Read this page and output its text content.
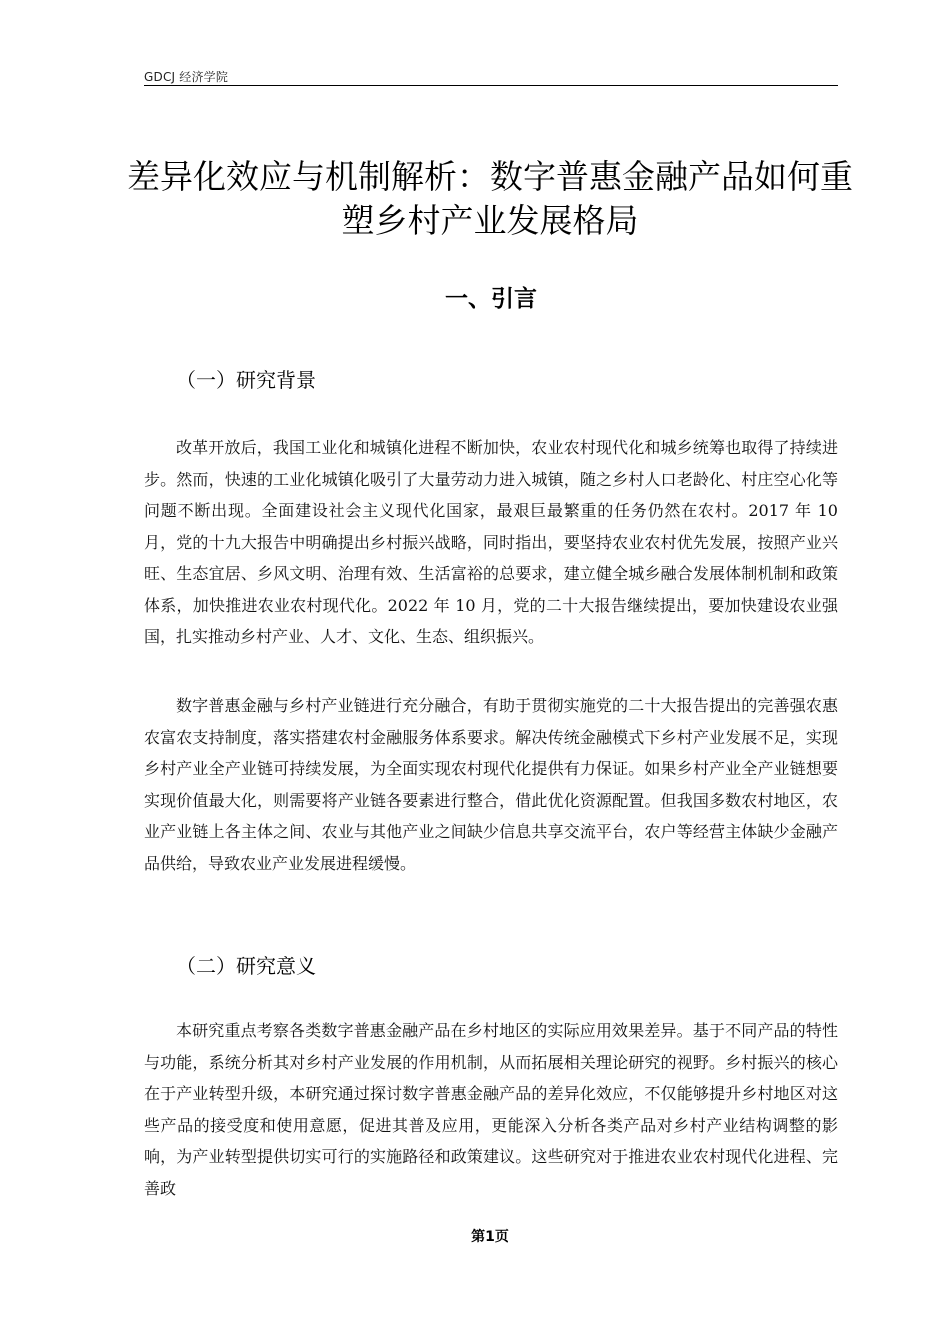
GDCJ 经济学院
差异化效应与机制解析：数字普惠金融产品如何重塑乡村产业发展格局
一、引言
（一）研究背景

改革开放后，我国工业化和城镇化进程不断加快，农业农村现代化和城乡统筹也取得了持续进步。然而，快速的工业化城镇化吸引了大量劳动力进入城镇，随之乡村人口老龄化、村庄空心化等问题不断出现。全面建设社会主义现代化国家，最艰巨最繁重的任务仍然在农村。2017 年 10 月，党的十九大报告中明确提出乡村振兴战略，同时指出，要坚持农业农村优先发展，按照产业兴旺、生态宜居、乡风文明、治理有效、生活富裕的总要求，建立健全城乡融合发展体制机制和政策体系，加快推进农业农村现代化。2022 年 10 月，党的二十大报告继续提出，要加快建设农业强国，扎实推动乡村产业、人才、文化、生态、组织振兴。

数字普惠金融与乡村产业链进行充分融合，有助于贯彻实施党的二十大报告提出的完善强农惠农富农支持制度，落实搭建农村金融服务体系要求。解决传统金融模式下乡村产业发展不足，实现乡村产业全产业链可持续发展，为全面实现农村现代化提供有力保证。如果乡村产业全产业链想要实现价值最大化，则需要将产业链各要素进行整合，借此优化资源配置。但我国多数农村地区，农业产业链上各主体之间、农业与其他产业之间缺少信息共享交流平台，农户等经营主体缺少金融产品供给，导致农业产业发展进程缓慢。

（二）研究意义

本研究重点考察各类数字普惠金融产品在乡村地区的实际应用效果差异。基于不同产品的特性与功能，系统分析其对乡村产业发展的作用机制，从而拓展相关理论研究的视野。乡村振兴的核心在于产业转型升级，本研究通过探讨数字普惠金融产品的差异化效应，不仅能够提升乡村地区对这些产品的接受度和使用意愿，促进其普及应用，更能深入分析各类产品对乡村产业结构调整的影响，为产业转型提供切实可行的实施路径和政策建议。这些研究对于推进农业农村现代化进程、完善政

第1页
